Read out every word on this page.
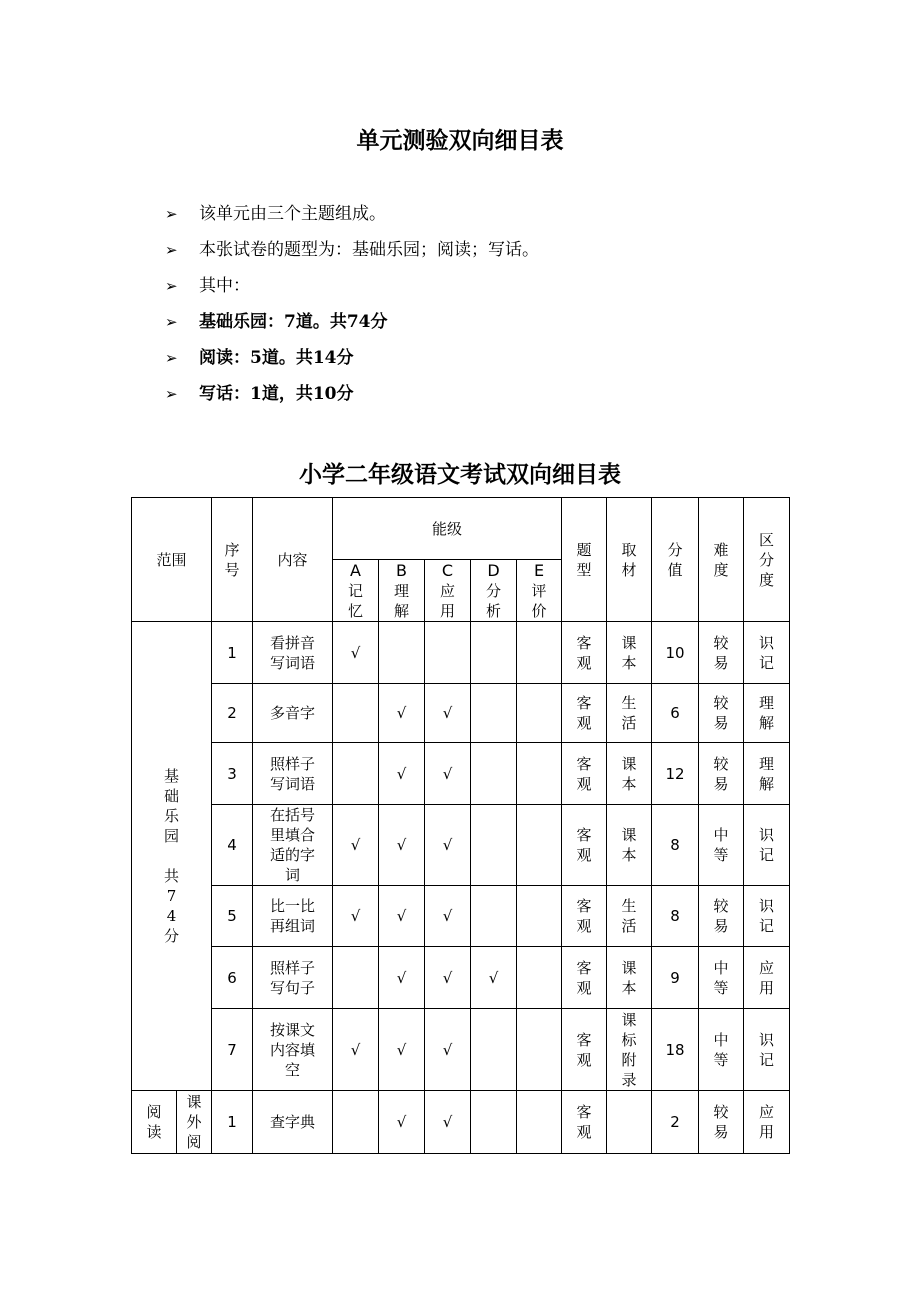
单元测验双向细目表
➢ 该单元由三个主题组成。
➢ 本张试卷的题型为：基础乐园；阅读；写话。
➢ 其中：
➢ 基础乐园：7道。共74分
➢ 阅读：5道。共14分
➢ 写话：1道，共10分
小学二年级语文考试双向细目表
范围		序号	内容	能级					题型	取材	分值	难度	区分度
				A记忆	B理解	C应用	D分析	E评价					
基础乐园

共74分		1	看拼音写词语	√					客观	课本	10	较易	识记
		2	多音字		√	√			客观	生活	6	较易	理解
		3	照样子写词语		√	√			客观	课本	12	较易	理解
		4	在括号里填合适的字词	√	√	√			客观	课本	8	中等	识记
		5	比一比再组词	√	√	√			客观	生活	8	较易	识记
		6	照样子写句子		√	√	√		客观	课本	9	中等	应用
		7	按课文内容填空	√	√	√			客观	课标附录	18	中等	识记
阅读	课外阅	1	查字典		√	√			客观		2	较易	应用
